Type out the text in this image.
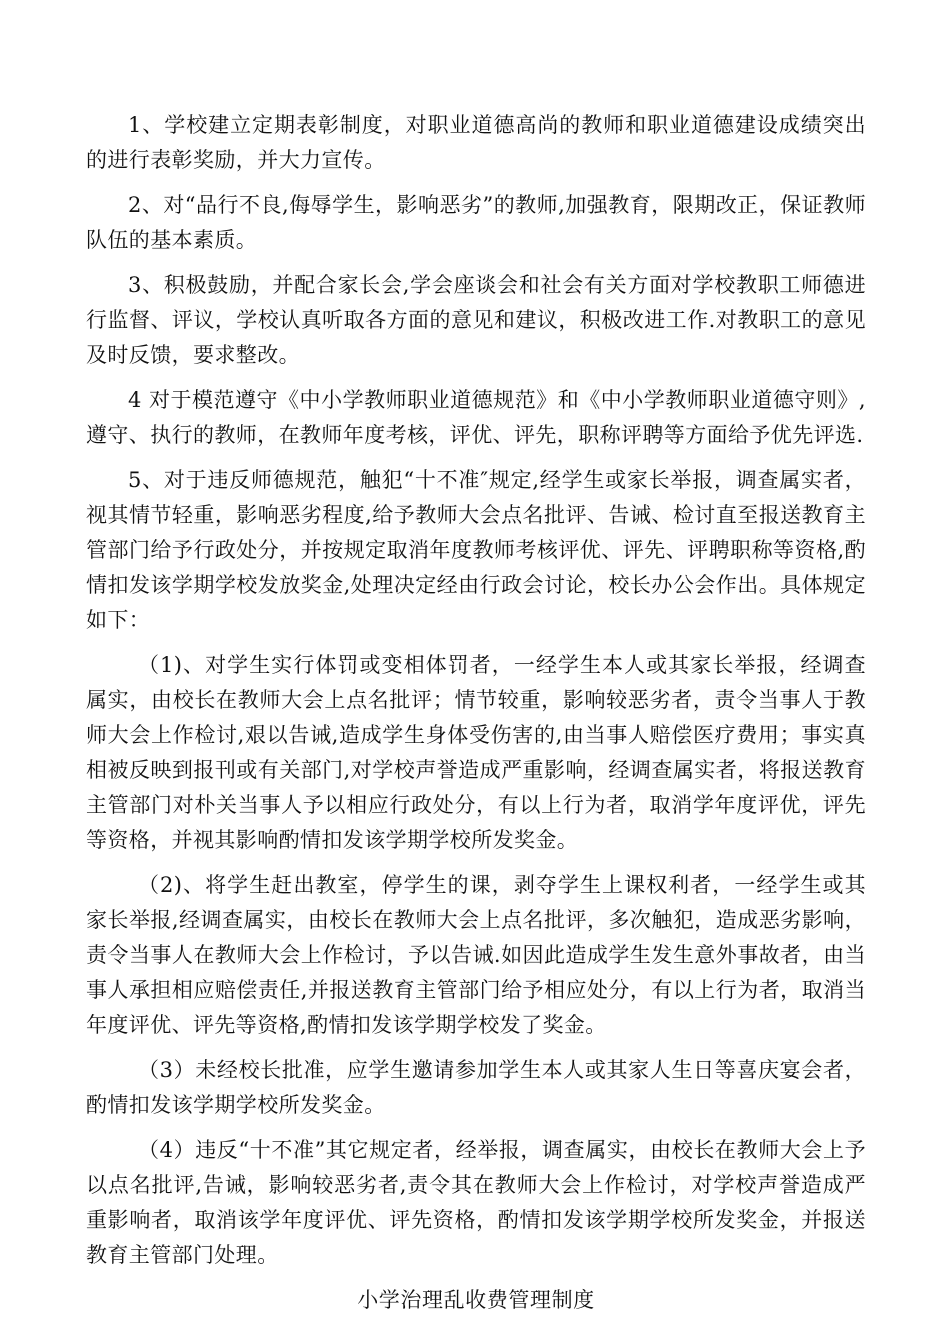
1、学校建立定期表彰制度，对职业道德高尚的教师和职业道德建设成绩突出的进行表彰奖励，并大力宣传。

2、对“品行不良,侮辱学生，影响恶劣”的教师,加强教育，限期改正，保证教师队伍的基本素质。

3、积极鼓励，并配合家长会,学会座谈会和社会有关方面对学校教职工师德进行监督、评议，学校认真听取各方面的意见和建议，积极改进工作.对教职工的意见及时反馈，要求整改。

4 对于模范遵守《中小学教师职业道德规范》和《中小学教师职业道德守则》,遵守、执行的教师，在教师年度考核，评优、评先，职称评聘等方面给予优先评选.

5、对于违反师德规范，触犯“十不准″规定,经学生或家长举报，调查属实者，视其情节轻重，影响恶劣程度,给予教师大会点名批评、告诫、检讨直至报送教育主管部门给予行政处分，并按规定取消年度教师考核评优、评先、评聘职称等资格,酌情扣发该学期学校发放奖金,处理决定经由行政会讨论，校长办公会作出。具体规定如下：

（1)、对学生实行体罚或变相体罚者，一经学生本人或其家长举报，经调查属实，由校长在教师大会上点名批评；情节较重，影响较恶劣者，责令当事人于教师大会上作检讨,艰以告诫,造成学生身体受伤害的,由当事人赔偿医疗费用；事实真相被反映到报刊或有关部门,对学校声誉造成严重影响，经调查属实者，将报送教育主管部门对朴关当事人予以相应行政处分，有以上行为者，取消学年度评优，评先等资格，并视其影响酌情扣发该学期学校所发奖金。

（2)、将学生赶出教室，停学生的课，剥夺学生上课权利者，一经学生或其家长举报,经调查属实，由校长在教师大会上点名批评，多次触犯，造成恶劣影响，责令当事人在教师大会上作检讨，予以告诫.如因此造成学生发生意外事故者，由当事人承担相应赔偿责任,并报送教育主管部门给予相应处分，有以上行为者，取消当年度评优、评先等资格,酌情扣发该学期学校发了奖金。

（3）未经校长批准，应学生邀请参加学生本人或其家人生日等喜庆宴会者，酌情扣发该学期学校所发奖金。

（4）违反“十不准”其它规定者，经举报，调查属实，由校长在教师大会上予以点名批评,告诫，影响较恶劣者,责令其在教师大会上作检讨，对学校声誉造成严重影响者，取消该学年度评优、评先资格，酌情扣发该学期学校所发奖金，并报送教育主管部门处理。

小学治理乱收费管理制度
